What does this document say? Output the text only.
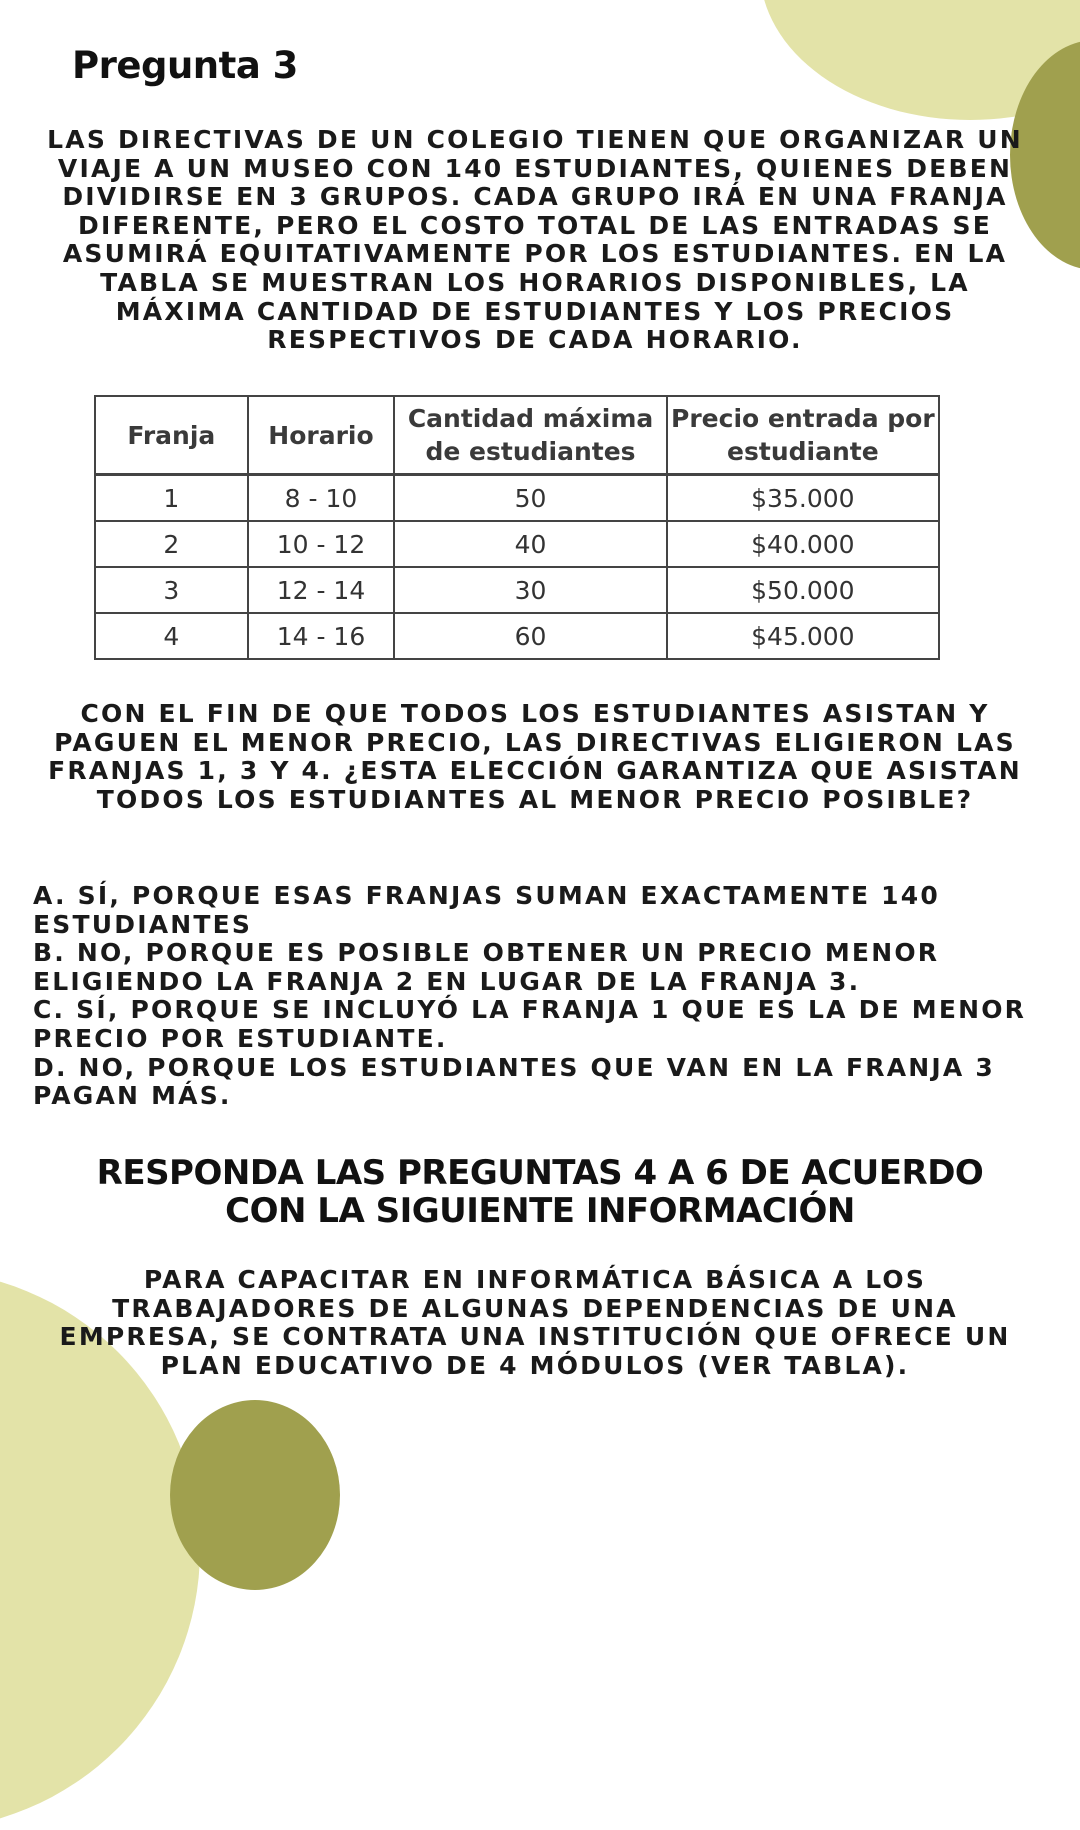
Pregunta 3

LAS DIRECTIVAS DE UN COLEGIO TIENEN QUE ORGANIZAR UN VIAJE A UN MUSEO CON 140 ESTUDIANTES, QUIENES DEBEN DIVIDIRSE EN 3 GRUPOS. CADA GRUPO IRÁ EN UNA FRANJA DIFERENTE, PERO EL COSTO TOTAL DE LAS ENTRADAS SE ASUMIRÁ EQUITATIVAMENTE POR LOS ESTUDIANTES. EN LA TABLA SE MUESTRAN LOS HORARIOS DISPONIBLES, LA MÁXIMA CANTIDAD DE ESTUDIANTES Y LOS PRECIOS RESPECTIVOS DE CADA HORARIO.

Franja	Horario	Cantidad máxima de estudiantes	Precio entrada por estudiante
1	8 - 10	50	$35.000
2	10 - 12	40	$40.000
3	12 - 14	30	$50.000
4	14 - 16	60	$45.000

CON EL FIN DE QUE TODOS LOS ESTUDIANTES ASISTAN Y PAGUEN EL MENOR PRECIO, LAS DIRECTIVAS ELIGIERON LAS FRANJAS 1, 3 Y 4. ¿ESTA ELECCIÓN GARANTIZA QUE ASISTAN TODOS LOS ESTUDIANTES AL MENOR PRECIO POSIBLE?

A. SÍ, PORQUE ESAS FRANJAS SUMAN EXACTAMENTE 140 ESTUDIANTES
B. NO, PORQUE ES POSIBLE OBTENER UN PRECIO MENOR ELIGIENDO LA FRANJA 2 EN LUGAR DE LA FRANJA 3.
C. SÍ, PORQUE SE INCLUYÓ LA FRANJA 1 QUE ES LA DE MENOR PRECIO POR ESTUDIANTE.
D. NO, PORQUE LOS ESTUDIANTES QUE VAN EN LA FRANJA 3 PAGAN MÁS.
RESPONDA LAS PREGUNTAS 4 A 6 DE ACUERDO CON LA SIGUIENTE INFORMACIÓN

PARA CAPACITAR EN INFORMÁTICA BÁSICA A LOS TRABAJADORES DE ALGUNAS DEPENDENCIAS DE UNA EMPRESA, SE CONTRATA UNA INSTITUCIÓN QUE OFRECE UN PLAN EDUCATIVO DE 4 MÓDULOS (VER TABLA).
